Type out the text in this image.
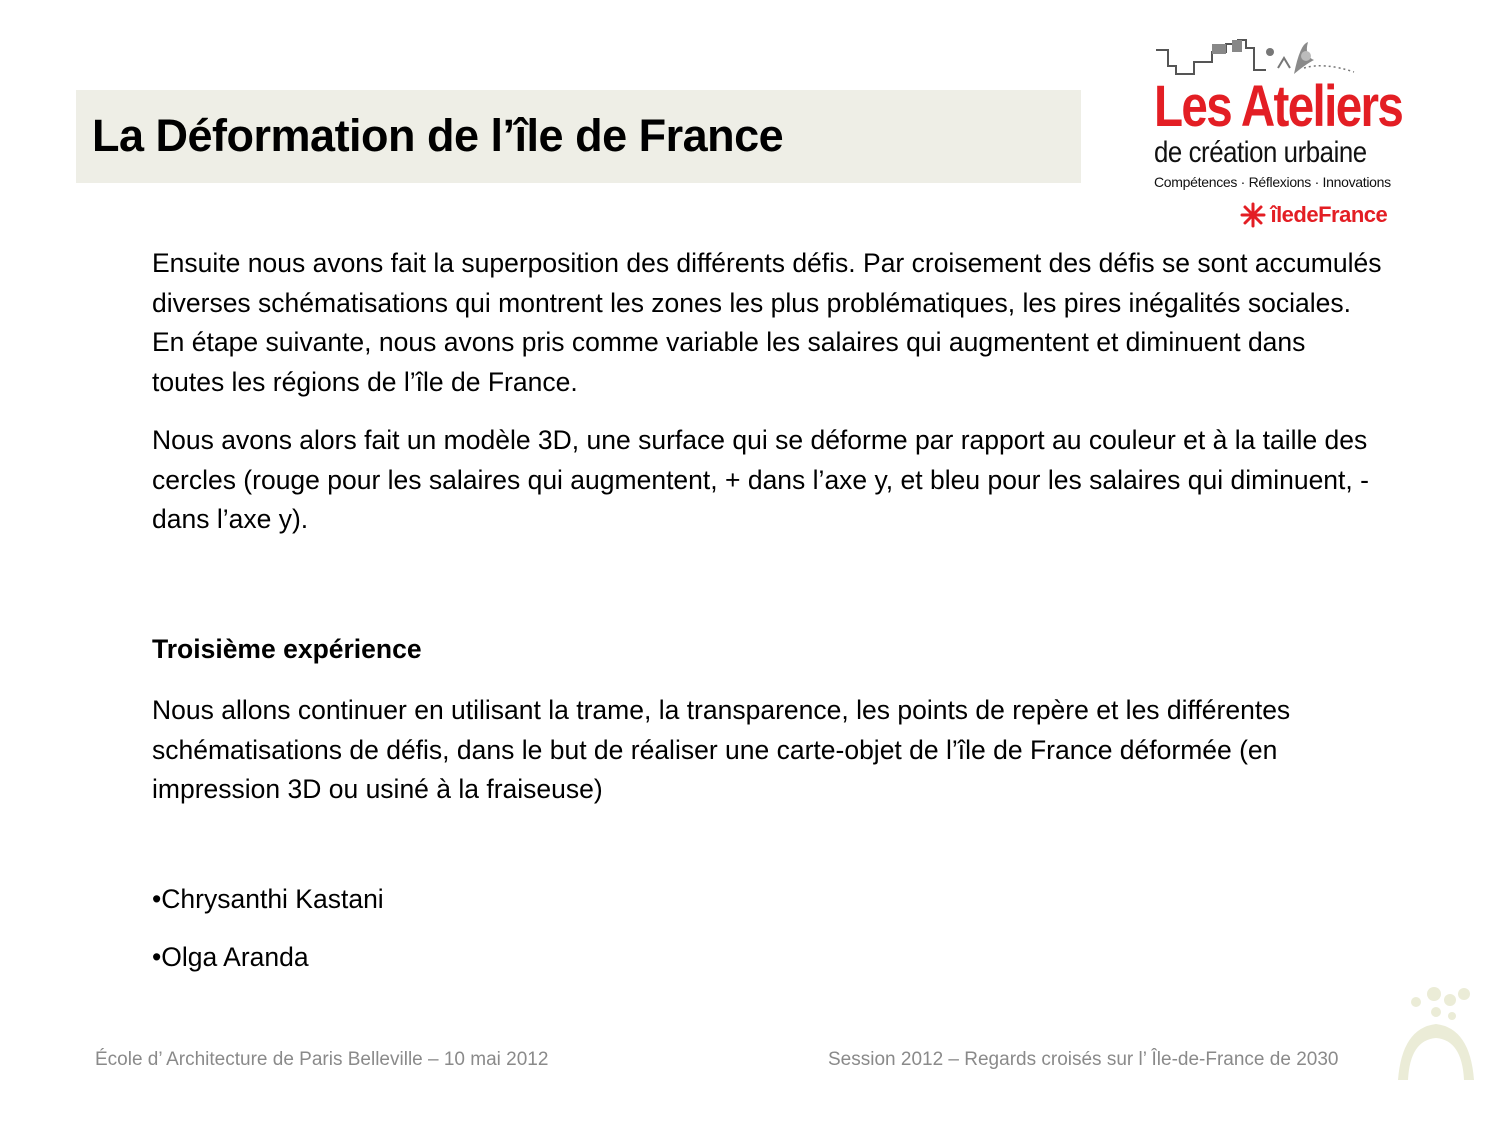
La Déformation de l’île de France	Les Ateliers
de création urbaine
Compétences · Réflexions · Innovations
îledeFrance

Ensuite nous avons fait la superposition des différents défis. Par croisement des défis se sont accumulés diverses schématisations qui montrent les zones les plus problématiques, les pires inégalités sociales.

En étape suivante, nous avons pris comme variable les salaires qui augmentent et diminuent dans toutes les régions de l’île de France.

Nous avons alors fait un modèle 3D, une surface qui se déforme par rapport au couleur et à la taille des cercles (rouge pour les salaires qui augmentent, + dans l’axe y, et bleu pour les salaires qui diminuent, - dans l’axe y).

Troisième expérience

Nous allons continuer en utilisant la trame, la transparence, les points de repère et les différentes schématisations de défis, dans le but de réaliser une carte-objet de l’île de France déformée (en impression 3D ou usiné à la fraiseuse)

•Chrysanthi Kastani

•Olga Aranda

École d’ Architecture de Paris Belleville – 10 mai 2012	Session 2012 – Regards croisés sur l’ Île-de-France de 2030
